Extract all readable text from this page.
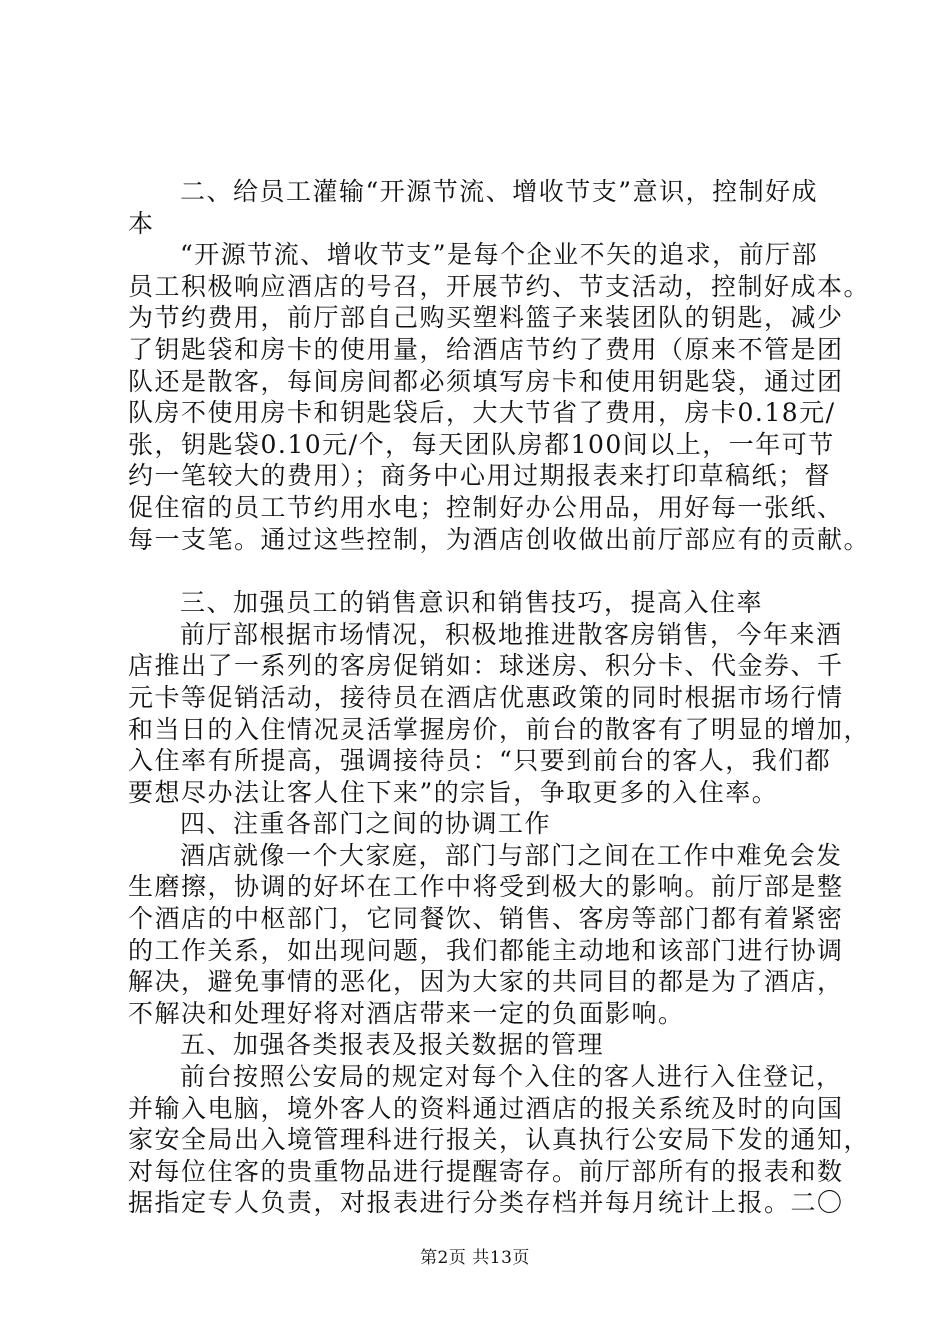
二、给员工灌输“开源节流、增收节支”意识，控制好成
本
“开源节流、增收节支”是每个企业不矢的追求，前厅部
员工积极响应酒店的号召，开展节约、节支活动，控制好成本。
为节约费用，前厅部自己购买塑料篮子来装团队的钥匙，减少
了钥匙袋和房卡的使用量，给酒店节约了费用（原来不管是团
队还是散客，每间房间都必须填写房卡和使用钥匙袋，通过团
队房不使用房卡和钥匙袋后，大大节省了费用，房卡0.18元/
张，钥匙袋0.10元/个，每天团队房都100间以上，一年可节
约一笔较大的费用）；商务中心用过期报表来打印草稿纸；督
促住宿的员工节约用水电；控制好办公用品，用好每一张纸、
每一支笔。通过这些控制，为酒店创收做出前厅部应有的贡献。
三、加强员工的销售意识和销售技巧，提高入住率
前厅部根据市场情况，积极地推进散客房销售，今年来酒
店推出了一系列的客房促销如：球迷房、积分卡、代金券、千
元卡等促销活动，接待员在酒店优惠政策的同时根据市场行情
和当日的入住情况灵活掌握房价，前台的散客有了明显的增加，
入住率有所提高，强调接待员：“只要到前台的客人，我们都
要想尽办法让客人住下来”的宗旨，争取更多的入住率。
四、注重各部门之间的协调工作
酒店就像一个大家庭，部门与部门之间在工作中难免会发
生磨擦，协调的好坏在工作中将受到极大的影响。前厅部是整
个酒店的中枢部门，它同餐饮、销售、客房等部门都有着紧密
的工作关系，如出现问题，我们都能主动地和该部门进行协调
解决，避免事情的恶化，因为大家的共同目的都是为了酒店，
不解决和处理好将对酒店带来一定的负面影响。
五、加强各类报表及报关数据的管理
前台按照公安局的规定对每个入住的客人进行入住登记，
并输入电脑，境外客人的资料通过酒店的报关系统及时的向国
家安全局出入境管理科进行报关，认真执行公安局下发的通知，
对每位住客的贵重物品进行提醒寄存。前厅部所有的报表和数
据指定专人负责，对报表进行分类存档并每月统计上报。二〇
第2页 共13页
